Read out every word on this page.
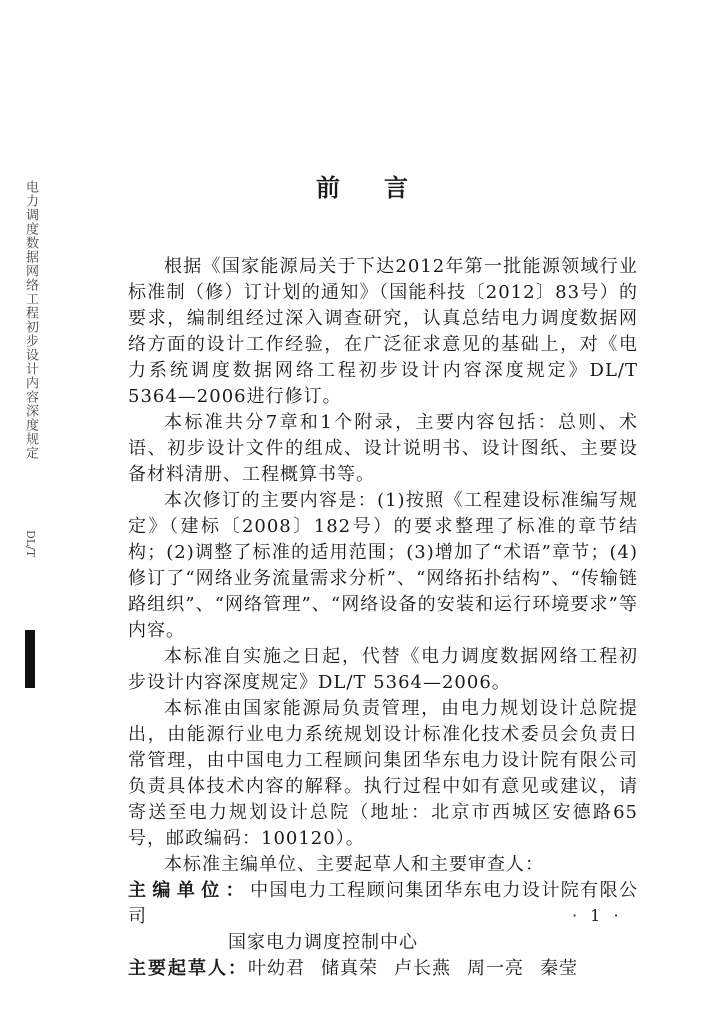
电力调度数据网络工程初步设计内容深度规定
DL/T
前言

根据《国家能源局关于下达2012年第一批能源领域行业标准制（修）订计划的通知》（国能科技〔2012〕83号）的要求，编制组经过深入调查研究，认真总结电力调度数据网络方面的设计工作经验，在广泛征求意见的基础上，对《电力系统调度数据网络工程初步设计内容深度规定》DL/T 5364—2006进行修订。

本标准共分7章和1个附录，主要内容包括：总则、术语、初步设计文件的组成、设计说明书、设计图纸、主要设备材料清册、工程概算书等。

本次修订的主要内容是：(1)按照《工程建设标准编写规定》（建标〔2008〕182号）的要求整理了标准的章节结构；(2)调整了标准的适用范围；(3)增加了“术语”章节；(4)修订了“网络业务流量需求分析”、“网络拓扑结构”、“传输链路组织”、“网络管理”、“网络设备的安装和运行环境要求”等内容。

本标准自实施之日起，代替《电力调度数据网络工程初步设计内容深度规定》DL/T 5364—2006。

本标准由国家能源局负责管理，由电力规划设计总院提出，由能源行业电力系统规划设计标准化技术委员会负责日常管理，由中国电力工程顾问集团华东电力设计院有限公司负责具体技术内容的解释。执行过程中如有意见或建议，请寄送至电力规划设计总院（地址：北京市西城区安德路65号，邮政编码：100120）。

本标准主编单位、主要起草人和主要审查人：

主编单位：中国电力工程顾问集团华东电力设计院有限公司
国家电力调度控制中心
主要起草人：叶幼君 储真荣 卢长燕 周一亮 秦莹
· 1 ·
